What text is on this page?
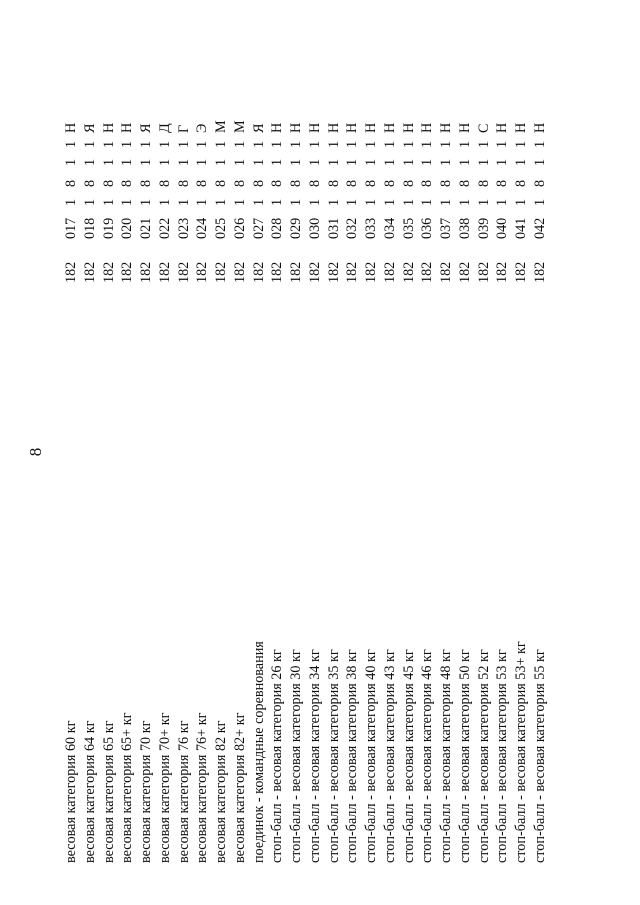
8
весовая категория 60 кг
182
017
1
8
1
1
Н
весовая категория 64 кг
182
018
1
8
1
1
Я
весовая категория 65 кг
182
019
1
8
1
1
Н
весовая категория 65+ кг
182
020
1
8
1
1
Н
весовая категория 70 кг
182
021
1
8
1
1
Я
весовая категория 70+ кг
182
022
1
8
1
1
Д
весовая категория 76 кг
182
023
1
8
1
1
Г
весовая категория 76+ кг
182
024
1
8
1
1
Э
весовая категория 82 кг
182
025
1
8
1
1
М
весовая категория 82+ кг
182
026
1
8
1
1
М
поединок - командные соревнования
182
027
1
8
1
1
Я
стоп-балл - весовая категория 26 кг
182
028
1
8
1
1
Н
стоп-балл - весовая категория 30 кг
182
029
1
8
1
1
Н
стоп-балл - весовая категория 34 кг
182
030
1
8
1
1
Н
стоп-балл - весовая категория 35 кг
182
031
1
8
1
1
Н
стоп-балл - весовая категория 38 кг
182
032
1
8
1
1
Н
стоп-балл - весовая категория 40 кг
182
033
1
8
1
1
Н
стоп-балл - весовая категория 43 кг
182
034
1
8
1
1
Н
стоп-балл - весовая категория 45 кг
182
035
1
8
1
1
Н
стоп-балл - весовая категория 46 кг
182
036
1
8
1
1
Н
стоп-балл - весовая категория 48 кг
182
037
1
8
1
1
Н
стоп-балл - весовая категория 50 кг
182
038
1
8
1
1
Н
стоп-балл - весовая категория 52 кг
182
039
1
8
1
1
С
стоп-балл - весовая категория 53 кг
182
040
1
8
1
1
Н
стоп-балл - весовая категория 53+ кг
182
041
1
8
1
1
Н
стоп-балл - весовая категория 55 кг
182
042
1
8
1
1
Н
